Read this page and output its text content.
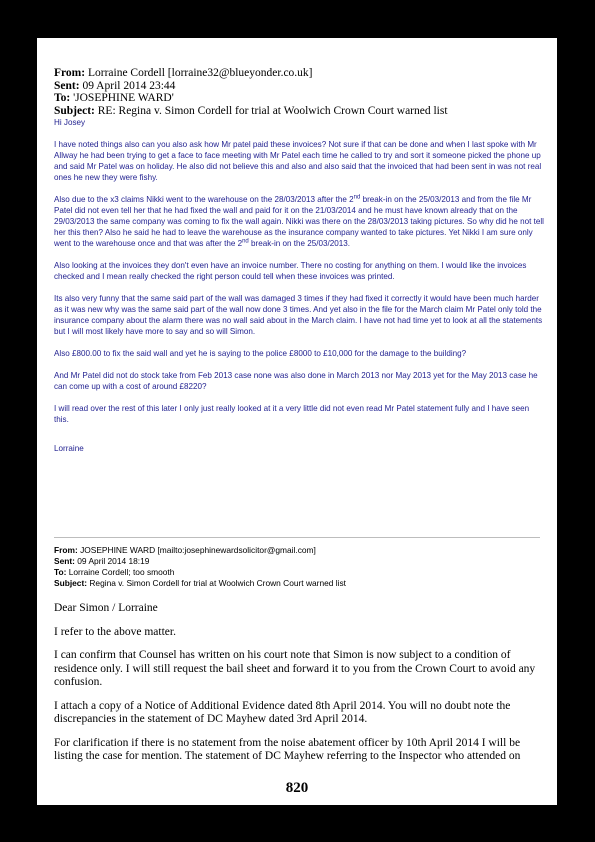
From: Lorraine Cordell [lorraine32@blueyonder.co.uk]
Sent: 09 April 2014 23:44
To: 'JOSEPHINE WARD'
Subject: RE: Regina v. Simon Cordell for trial at Woolwich Crown Court warned list

Hi Josey

I have noted things also can you also ask how Mr patel paid these invoices? Not sure if that can be done and when I last spoke with Mr Allway he had been trying to get a face to face meeting with Mr Patel each time he called to try and sort it someone picked the phone up and said Mr Patel was on holiday. He also did not believe this and also and also said that the invoiced that had been sent in was not real ones he new they were fishy.

Also due to the x3 claims Nikki went to the warehouse on the 28/03/2013 after the 2nd break-in on the 25/03/2013 and from the file Mr Patel did not even tell her that he had fixed the wall and paid for it on the 21/03/2014 and he must have known already that on the 29/03/2013 the same company was coming to fix the wall again. Nikki was there on the 28/03/2013 taking pictures. So why did he not tell her this then? Also he said he had to leave the warehouse as the insurance company wanted to take pictures. Yet Nikki I am sure only went to the warehouse once and that was after the 2nd break-in on the 25/03/2013.

Also looking at the invoices they don't even have an invoice number. There no costing for anything on them. I would like the invoices checked and I mean really checked the right person could tell when these invoices was printed.

Its also very funny that the same said part of the wall was damaged 3 times if they had fixed it correctly it would have been much harder as it was new why was the same said part of the wall now done 3 times. And yet also in the file for the March claim Mr Patel only told the insurance company about the alarm there was no wall said about in the March claim. I have not had time yet to look at all the statements but I will most likely have more to say and so will Simon.

Also £800.00 to fix the said wall and yet he is saying to the police £8000 to £10,000 for the damage to the building?

And Mr Patel did not do stock take from Feb 2013 case none was also done in March 2013 nor May 2013 yet for the May 2013 case he can come up with a cost of around £8220?

I will read over the rest of this later I only just really looked at it a very little did not even read Mr Patel statement fully and I have seen this.

Lorraine

From: JOSEPHINE WARD [mailto:josephinewardsolicitor@gmail.com]
Sent: 09 April 2014 18:19
To: Lorraine Cordell; too smooth
Subject: Regina v. Simon Cordell for trial at Woolwich Crown Court warned list

Dear Simon / Lorraine

I refer to the above matter.

I can confirm that Counsel has written on his court note that Simon is now subject to a condition of residence only. I will still request the bail sheet and forward it to you from the Crown Court to avoid any confusion.

I attach a copy of a Notice of Additional Evidence dated 8th April 2014. You will no doubt note the discrepancies in the statement of DC Mayhew dated 3rd April 2014.

For clarification if there is no statement from the noise abatement officer by 10th April 2014 I will be listing the case for mention. The statement of DC Mayhew referring to the Inspector who attended on

820
